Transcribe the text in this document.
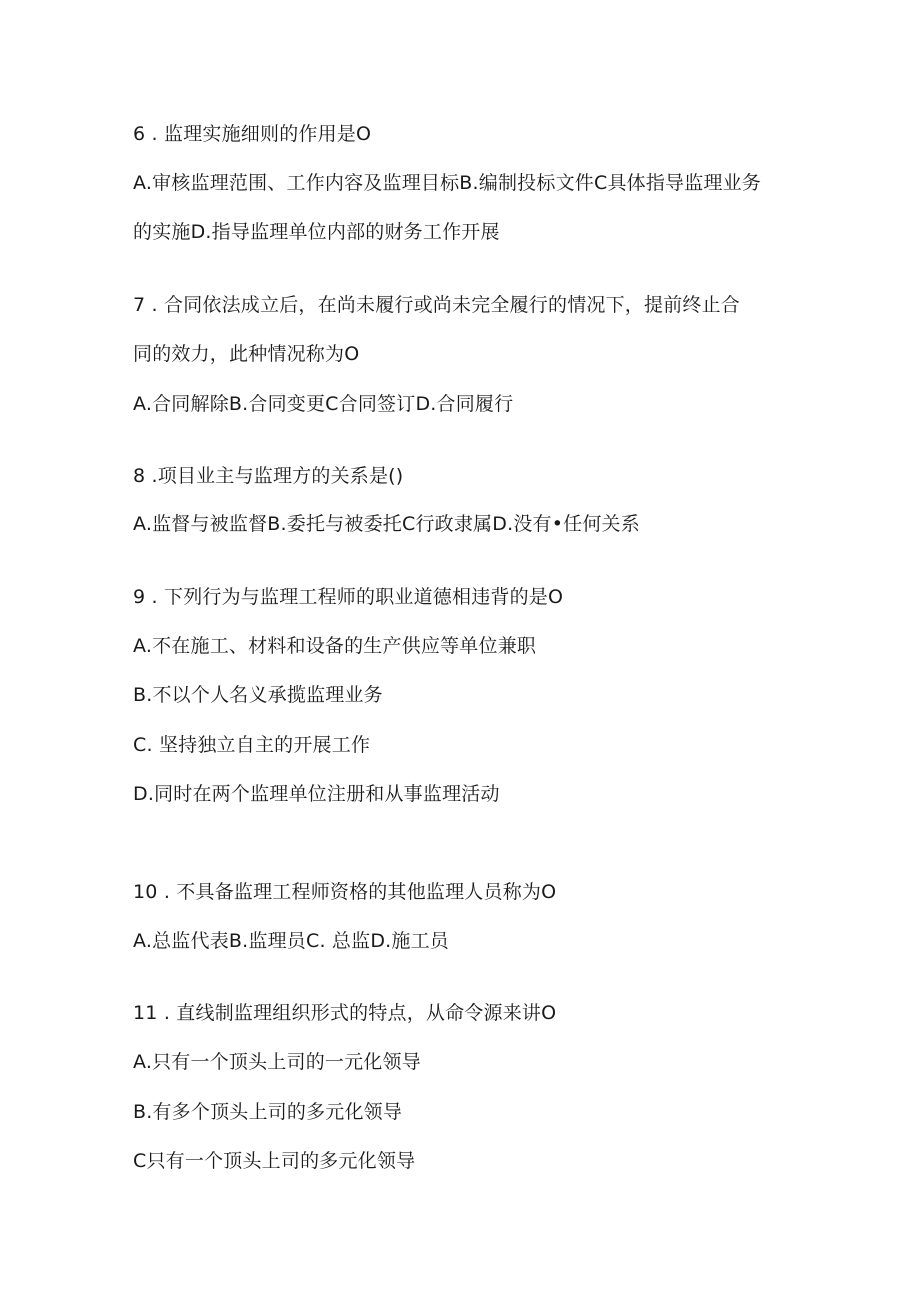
6 . 监理实施细则的作用是O
A.审核监理范围、工作内容及监理目标B.编制投标文件C具体指导监理业务
的实施D.指导监理单位内部的财务工作开展
7 . 合同依法成立后，在尚未履行或尚未完全履行的情况下，提前终止合
同的效力，此种情况称为O
A.合同解除B.合同变更C合同签订D.合同履行
8 .项目业主与监理方的关系是()
A.监督与被监督B.委托与被委托C行政隶属D.没有•任何关系
9 . 下列行为与监理工程师的职业道德相违背的是O
A.不在施工、材料和设备的生产供应等单位兼职
B.不以个人名义承揽监理业务
C. 坚持独立自主的开展工作
D.同时在两个监理单位注册和从事监理活动
10 . 不具备监理工程师资格的其他监理人员称为O
A.总监代表B.监理员C. 总监D.施工员
11 . 直线制监理组织形式的特点，从命令源来讲O
A.只有一个顶头上司的一元化领导
B.有多个顶头上司的多元化领导
C只有一个顶头上司的多元化领导
